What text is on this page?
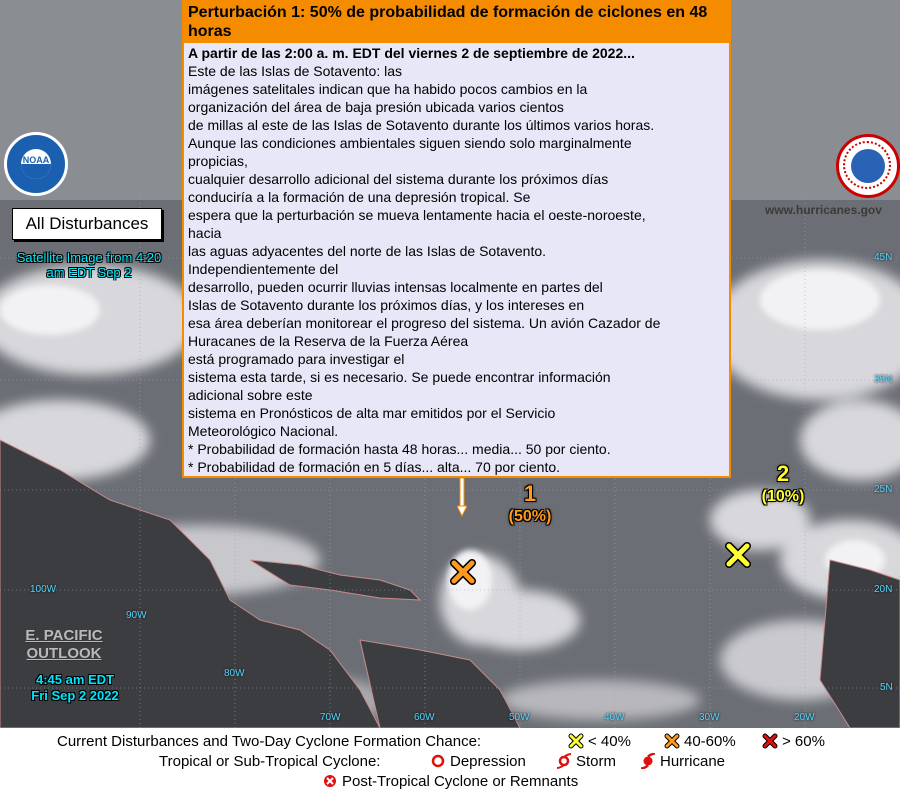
45N
35N
25N
20N
5N
100W
90W
80W
70W	60W	50W	40W	30W	20W
NOAA
All Disturbances
Satellite Image from 4:20 am EDT Sep 2
E. PACIFIC
OUTLOOK
4:45 am EDT
Fri Sep 2 2022
www.hurricanes.gov
1
(50%)
2
(10%)
Perturbación 1: 50% de probabilidad de formación de ciclones en 48 horas
A partir de las 2:00 a. m. EDT del viernes 2 de septiembre de 2022...
Este de las Islas de Sotavento: las
imágenes satelitales indican que ha habido pocos cambios en la
organización del área de baja presión ubicada varios cientos
de millas al este de las Islas de Sotavento durante los últimos varios horas.
Aunque las condiciones ambientales siguen siendo solo marginalmente
propicias,
cualquier desarrollo adicional del sistema durante los próximos días
conduciría a la formación de una depresión tropical. Se
espera que la perturbación se mueva lentamente hacia el oeste-noroeste,
hacia
las aguas adyacentes del norte de las Islas de Sotavento.
Independientemente del
desarrollo, pueden ocurrir lluvias intensas localmente en partes del
Islas de Sotavento durante los próximos días, y los intereses en
esa área deberían monitorear el progreso del sistema. Un avión Cazador de
Huracanes de la Reserva de la Fuerza Aérea
está programado para investigar el
sistema esta tarde, si es necesario. Se puede encontrar información
adicional sobre este
sistema en Pronósticos de alta mar emitidos por el Servicio
Meteorológico Nacional.
* Probabilidad de formación hasta 48 horas... media... 50 por ciento.
* Probabilidad de formación en 5 días... alta... 70 por ciento.
Current Disturbances and Two-Day Cyclone Formation Chance:	< 40%	40-60%	> 60%
Tropical or Sub-Tropical Cyclone:	Depression	Storm	Hurricane
Post-Tropical Cyclone or Remnants
